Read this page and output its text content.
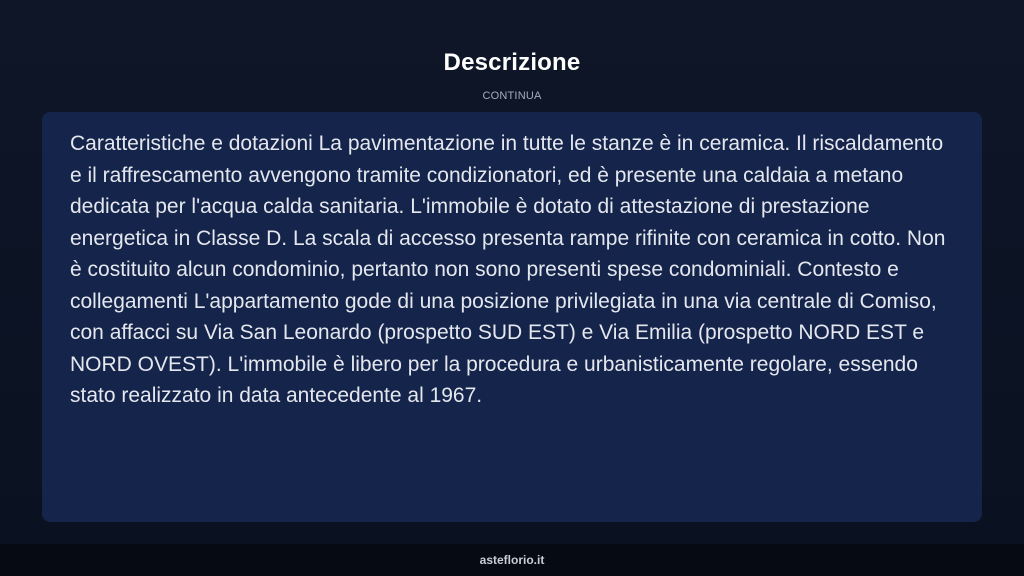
Descrizione
CONTINUA

Caratteristiche e dotazioni La pavimentazione in tutte le stanze è in ceramica. Il riscaldamento e il raffrescamento avvengono tramite condizionatori, ed è presente una caldaia a metano dedicata per l'acqua calda sanitaria. L'immobile è dotato di attestazione di prestazione energetica in Classe D. La scala di accesso presenta rampe rifinite con ceramica in cotto. Non è costituito alcun condominio, pertanto non sono presenti spese condominiali. Contesto e collegamenti L'appartamento gode di una posizione privilegiata in una via centrale di Comiso, con affacci su Via San Leonardo (prospetto SUD EST) e Via Emilia (prospetto NORD EST e NORD OVEST). L'immobile è libero per la procedura e urbanisticamente regolare, essendo stato realizzato in data antecedente al 1967.

asteflorio.it
